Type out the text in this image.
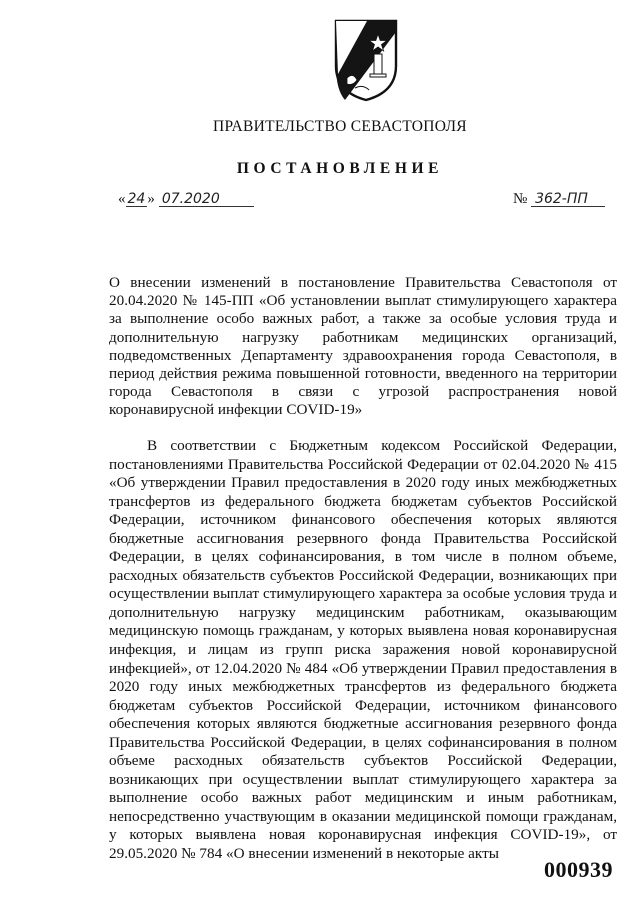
ПРАВИТЕЛЬСТВО СЕВАСТОПОЛЯ
ПОСТАНОВЛЕНИЕ
« 24 » 07.2020	№ 362-ПП
О внесении изменений в постановление Правительства Севастополя от 20.04.2020 № 145-ПП «Об установлении выплат стимулирующего характера за выполнение особо важных работ, а также за особые условия труда и дополнительную нагрузку работникам медицинских организаций, подведомственных Департаменту здравоохранения города Севастополя, в период действия режима повышенной готовности, введенного на территории города Севастополя в связи с угрозой распространения новой коронавирусной инфекции COVID-19»
В соответствии с Бюджетным кодексом Российской Федерации, постановлениями Правительства Российской Федерации от 02.04.2020 № 415 «Об утверждении Правил предоставления в 2020 году иных межбюджетных трансфертов из федерального бюджета бюджетам субъектов Российской Федерации, источником финансового обеспечения которых являются бюджетные ассигнования резервного фонда Правительства Российской Федерации, в целях софинансирования, в том числе в полном объеме, расходных обязательств субъектов Российской Федерации, возникающих при осуществлении выплат стимулирующего характера за особые условия труда и дополнительную нагрузку медицинским работникам, оказывающим медицинскую помощь гражданам, у которых выявлена новая коронавирусная инфекция, и лицам из групп риска заражения новой коронавирусной инфекцией», от 12.04.2020 № 484 «Об утверждении Правил предоставления в 2020 году иных межбюджетных трансфертов из федерального бюджета бюджетам субъектов Российской Федерации, источником финансового обеспечения которых являются бюджетные ассигнования резервного фонда Правительства Российской Федерации, в целях софинансирования в полном объеме расходных обязательств субъектов Российской Федерации, возникающих при осуществлении выплат стимулирующего характера за выполнение особо важных работ медицинским и иным работникам, непосредственно участвующим в оказании медицинской помощи гражданам, у которых выявлена новая коронавирусная инфекция COVID-19», от 29.05.2020 № 784 «О внесении изменений в некоторые акты
000939
